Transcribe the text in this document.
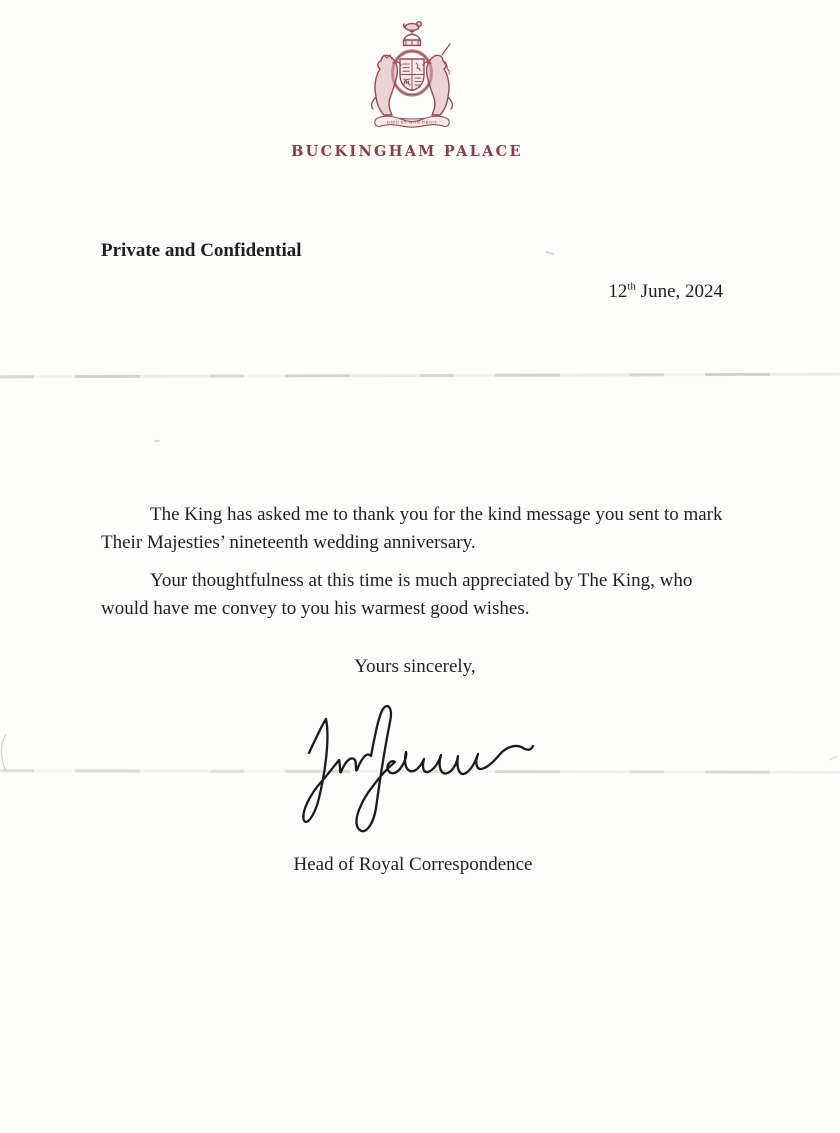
DIEU ET MON DROIT
BUCKINGHAM PALACE
Private and Confidential
12th June, 2024

The King has asked me to thank you for the kind message you sent to mark Their Majesties’ nineteenth wedding anniversary.

Your thoughtfulness at this time is much appreciated by The King, who would have me convey to you his warmest good wishes.

Yours sincerely,
Head of Royal Correspondence
